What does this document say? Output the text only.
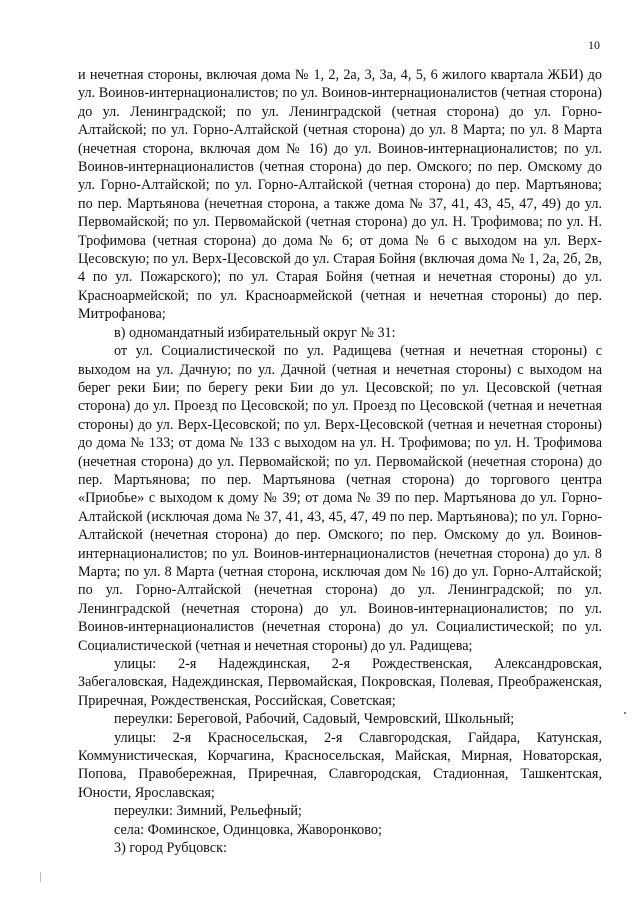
10

и нечетная стороны, включая дома № 1, 2, 2а, 3, 3а, 4, 5, 6 жилого квартала ЖБИ) до ул. Воинов-интернационалистов; по ул. Воинов-интернационалистов (четная сторона) до ул. Ленинградской; по ул. Ленинградской (четная сторона) до ул. Горно-Алтайской; по ул. Горно-Алтайской (четная сторона) до ул. 8 Марта; по ул. 8 Марта (нечетная сторона, включая дом № 16) до ул. Воинов-интернационалистов; по ул. Воинов-интернационалистов (четная сторона) до пер. Омского; по пер. Омскому до ул. Горно-Алтайской; по ул. Горно-Алтайской (четная сторона) до пер. Мартьянова; по пер. Мартьянова (нечетная сторона, а также дома № 37, 41, 43, 45, 47, 49) до ул. Первомайской; по ул. Первомайской (четная сторона) до ул. Н. Трофимова; по ул. Н. Трофимова (четная сторона) до дома № 6; от дома № 6 с выходом на ул. Верх-Цесовскую; по ул. Верх-Цесовской до ул. Старая Бойня (включая дома № 1, 2а, 2б, 2в, 4 по ул. Пожарского); по ул. Старая Бойня (четная и нечетная стороны) до ул. Красноармейской; по ул. Красноармейской (четная и нечетная стороны) до пер. Митрофанова;

в) одномандатный избирательный округ № 31:

от ул. Социалистической по ул. Радищева (четная и нечетная стороны) с выходом на ул. Дачную; по ул. Дачной (четная и нечетная стороны) с выходом на берег реки Бии; по берегу реки Бии до ул. Цесовской; по ул. Цесовской (четная сторона) до ул. Проезд по Цесовской; по ул. Проезд по Цесовской (четная и нечетная стороны) до ул. Верх-Цесовской; по ул. Верх-Цесовской (четная и нечетная стороны) до дома № 133; от дома № 133 с выходом на ул. Н. Трофимова; по ул. Н. Трофимова (нечетная сторона) до ул. Первомайской; по ул. Первомайской (нечетная сторона) до пер. Мартьянова; по пер. Мартьянова (четная сторона) до торгового центра «Приобье» с выходом к дому № 39; от дома № 39 по пер. Мартьянова до ул. Горно-Алтайской (исключая дома № 37, 41, 43, 45, 47, 49 по пер. Мартьянова); по ул. Горно-Алтайской (нечетная сторона) до пер. Омского; по пер. Омскому до ул. Воинов-интернационалистов; по ул. Воинов-интернационалистов (нечетная сторона) до ул. 8 Марта; по ул. 8 Марта (четная сторона, исключая дом № 16) до ул. Горно-Алтайской; по ул. Горно-Алтайской (нечетная сторона) до ул. Ленинградской; по ул. Ленинградской (нечетная сторона) до ул. Воинов-интернационалистов; по ул. Воинов-интернационалистов (нечетная сторона) до ул. Социалистической; по ул. Социалистической (четная и нечетная стороны) до ул. Радищева;

улицы: 2-я Надеждинская, 2-я Рождественская, Александровская, Забегаловская, Надеждинская, Первомайская, Покровская, Полевая, Преображенская, Приречная, Рождественская, Российская, Советская;

переулки: Береговой, Рабочий, Садовый, Чемровский, Школьный;

улицы: 2-я Красносельская, 2-я Славгородская, Гайдара, Катунская, Коммунистическая, Корчагина, Красносельская, Майская, Мирная, Новаторская, Попова, Правобережная, Приречная, Славгородская, Стадионная, Ташкентская, Юности, Ярославская;

переулки: Зимний, Рельефный;

села: Фоминское, Одинцовка, Жаворонково;

3) город Рубцовск:
